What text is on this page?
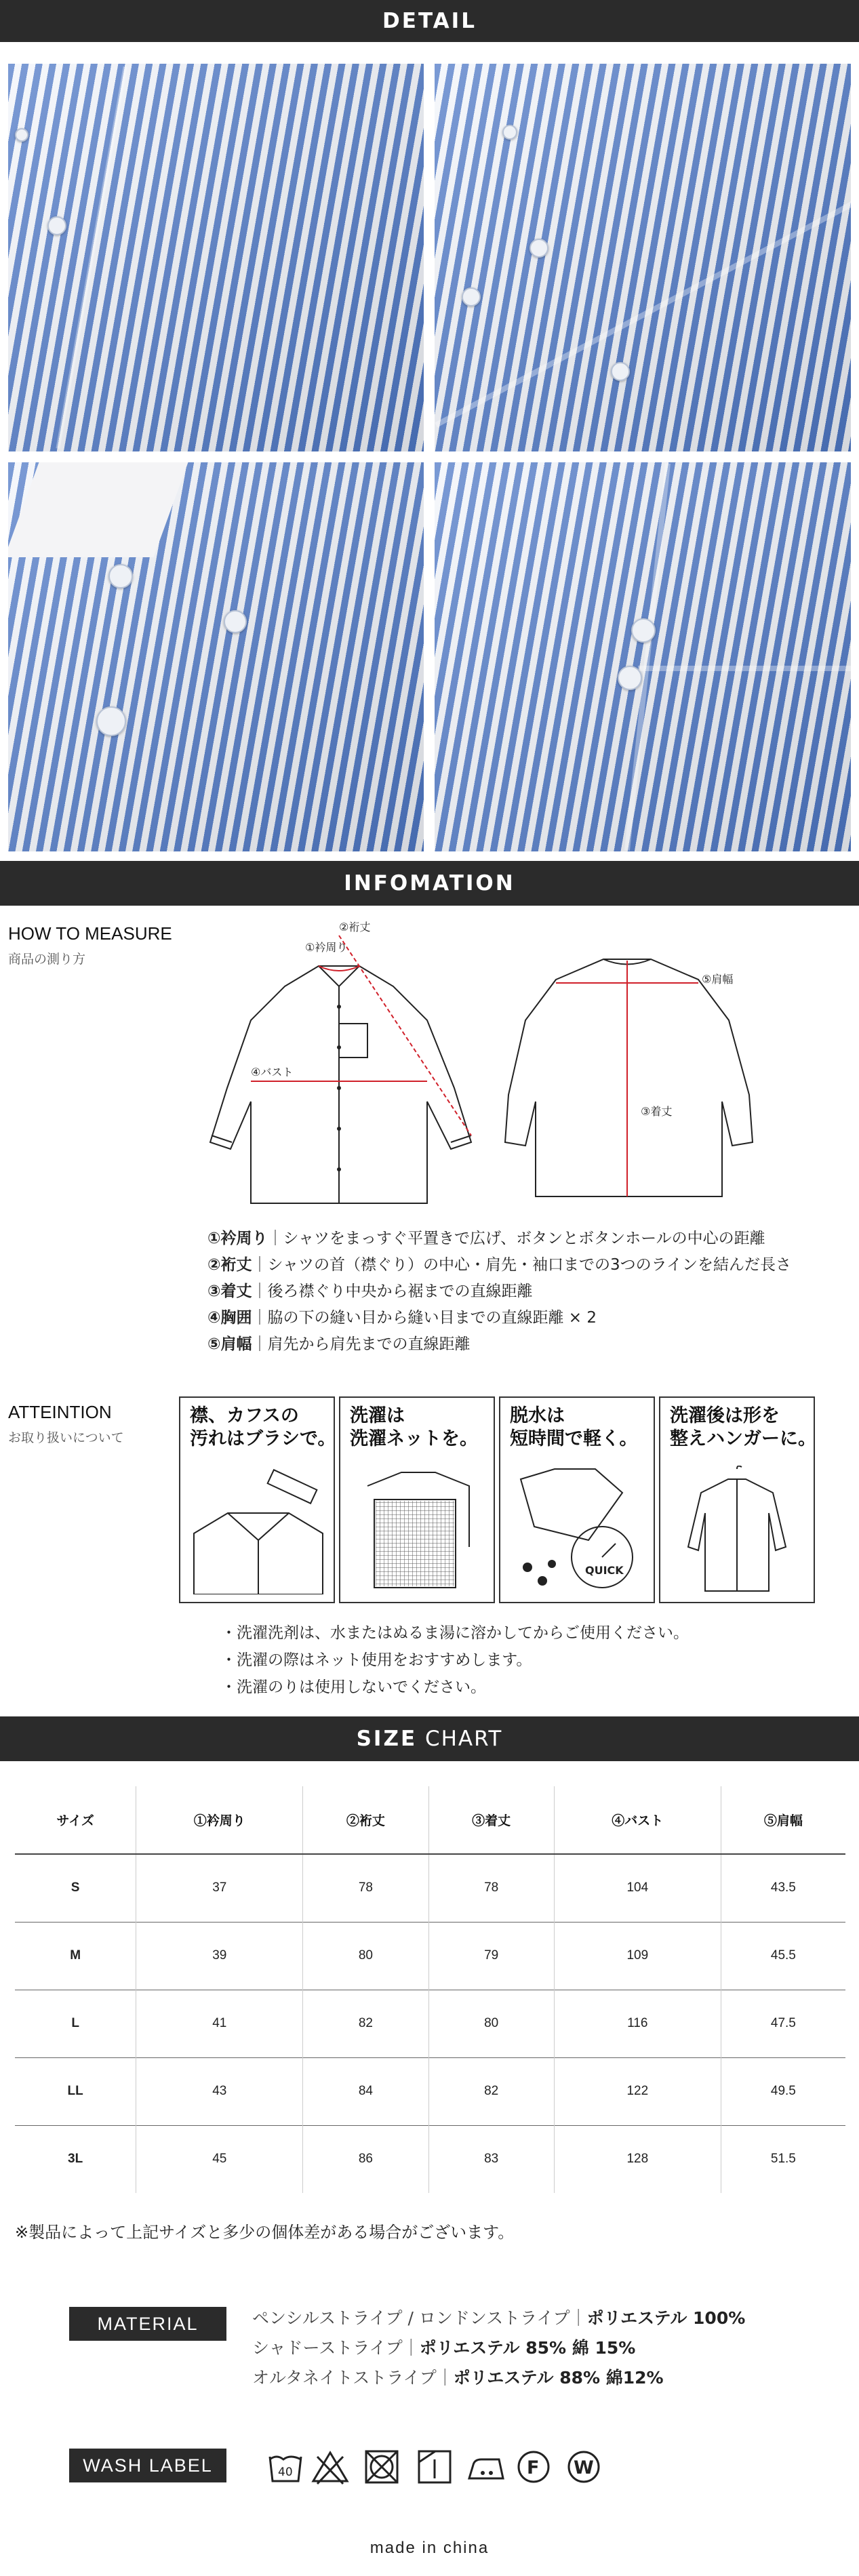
DETAIL
INFOMATION
HOW TO MEASURE
商品の測り方
①衿周り
②裄丈
④バスト
⑤肩幅
③着丈
①衿周り｜シャツをまっすぐ平置きで広げ、ボタンとボタンホールの中心の距離
②裄丈｜シャツの首（襟ぐり）の中心・肩先・袖口までの3つのラインを結んだ長さ
③着丈｜後ろ襟ぐり中央から裾までの直線距離
④胸囲｜脇の下の縫い目から縫い目までの直線距離 × 2
⑤肩幅｜肩先から肩先までの直線距離
ATTEINTION
お取り扱いについて
襟、カフスの
汚れはブラシで。
洗濯は
洗濯ネットを。
脱水は
短時間で軽く。
QUICK
洗濯後は形を
整えハンガーに。
・洗濯洗剤は、水またはぬるま湯に溶かしてからご使用ください。
・洗濯の際はネット使用をおすすめします。
・洗濯のりは使用しないでください。
SIZE CHART
サイズ	①衿周り	②裄丈	③着丈	④バスト	⑤肩幅
S	37	78	78	104	43.5
M	39	80	79	109	45.5
L	41	82	80	116	47.5
LL	43	84	82	122	49.5
3L	45	86	83	128	51.5
※製品によって上記サイズと多少の個体差がある場合がございます。
MATERIAL	ペンシルストライプ / ロンドンストライプ｜ポリエステル 100%
シャドーストライプ｜ポリエステル 85% 綿 15%
オルタネイトストライプ｜ポリエステル 88% 綿12%
WASH LABEL	40	F W
made in china
